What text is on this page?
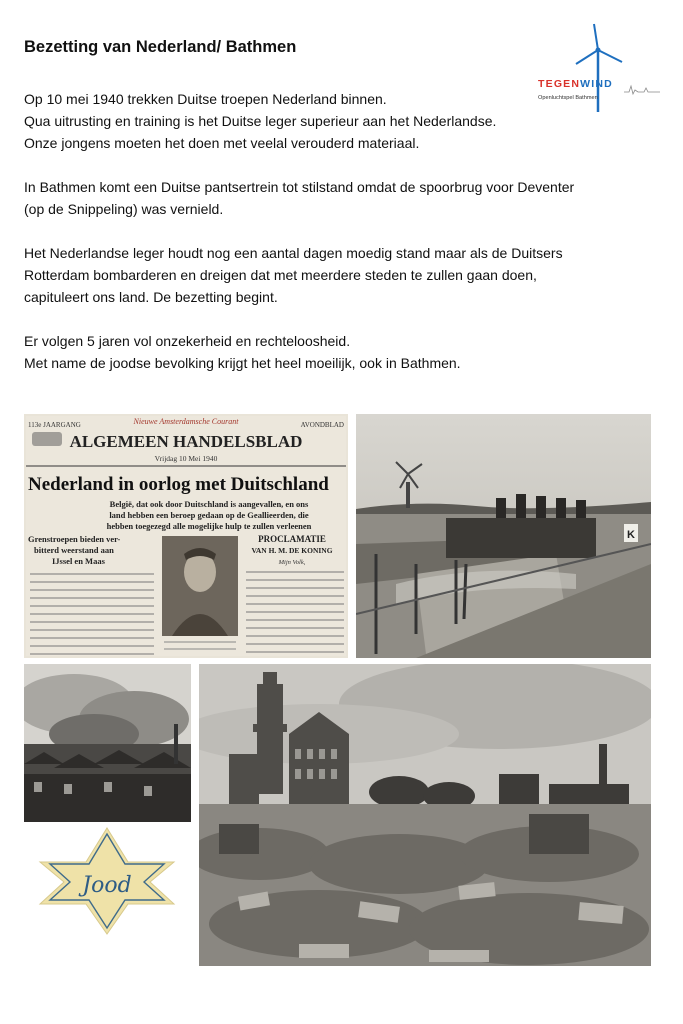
Bezetting van Nederland/ Bathmen
TEGENWIND
Openluchtspel Bathmen
Op 10 mei 1940 trekken Duitse troepen Nederland binnen.
Qua uitrusting en training is het Duitse leger superieur aan het Nederlandse.
Onze jongens moeten het doen met veelal verouderd materiaal.
In Bathmen komt een Duitse pantsertrein tot stilstand omdat de spoorbrug voor Deventer
(op de Snippeling) was vernield.
Het Nederlandse leger houdt nog een aantal dagen moedig stand maar als de Duitsers
Rotterdam bombarderen en dreigen dat met meerdere steden te zullen gaan doen,
capituleert ons land. De bezetting begint.
Er volgen 5 jaren vol onzekerheid en rechteloosheid.
Met name de joodse bevolking krijgt het heel moeilijk, ook in Bathmen.
113e JAARGANG	Nieuwe Amsterdamsche Courant	AVONDBLAD
ALGEMEEN HANDELSBLAD
Vrijdag 10 Mei 1940
Nederland in oorlog met Duitschland
België, dat ook door Duitschland is aangevallen, en ons
land hebben een beroep gedaan op de Geallieerden, die
hebben toegezegd alle mogelijke hulp te zullen verleenen
Grenstroepen bieden ver-
bitterd weerstand aan
IJssel en Maas
PROCLAMATIE
VAN H. M. DE KONING
Mijn Volk,
K
Jood
